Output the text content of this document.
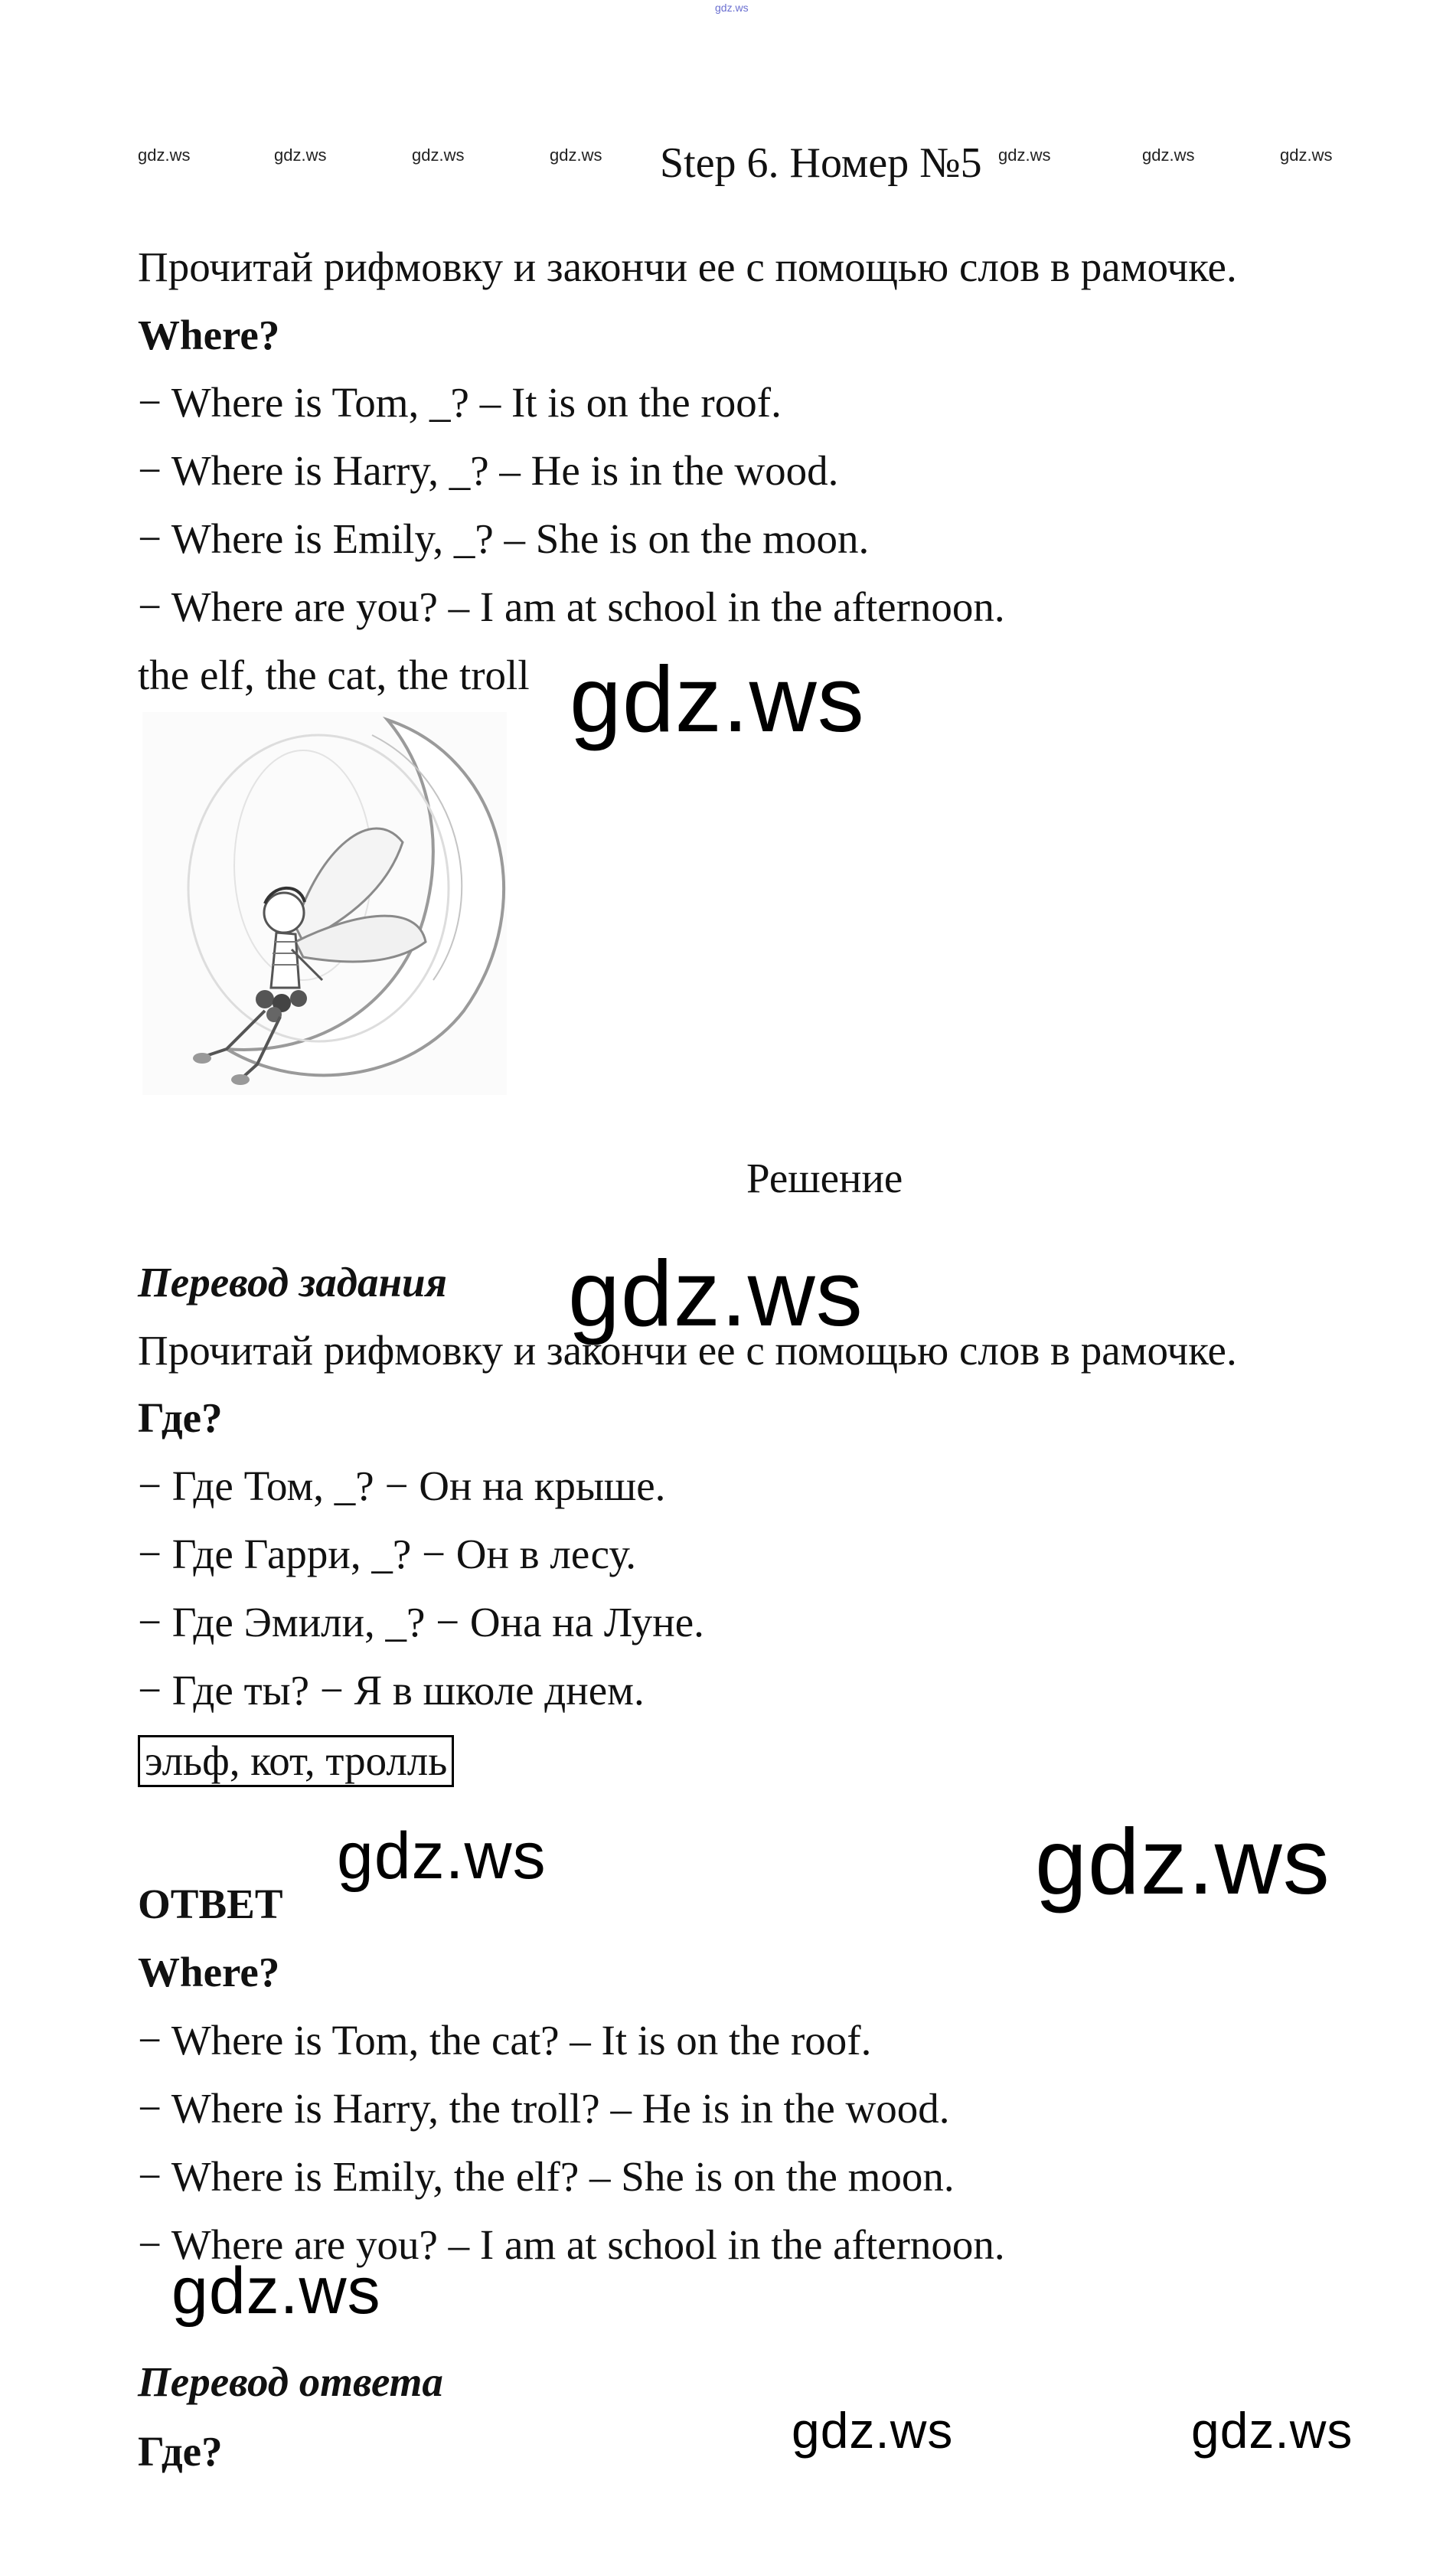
gdz.ws
gdz.ws	gdz.ws	gdz.ws	gdz.ws	gdz.ws	gdz.ws	gdz.ws
Step 6. Номер №5
Прочитай рифмовку и закончи ее с помощью слов в рамочке.
Where?
− Where is Tom, _? – It is on the roof.
− Where is Harry, _? – He is in the wood.
− Where is Emily, _? – She is on the moon.
− Where are you? – I am at school in the afternoon.
the elf, the cat, the troll gdz.ws
Решение
Перевод задания
Прочитай рифмовку и закончи ее с помощью слов в рамочке.
gdz.ws
Где?
− Где Том, _? − Он на крыше.
− Где Гарри, _? − Он в лесу.
− Где Эмили, _? − Она на Луне.
− Где ты? − Я в школе днем.
эльф, кот, тролль
gdz.ws	gdz.ws
ОТВЕТ
Where?
− Where is Tom, the cat? – It is on the roof.
− Where is Harry, the troll? – He is in the wood.
− Where is Emily, the elf? – She is on the moon.
− Where are you? – I am at school in the afternoon.
gdz.ws
Перевод ответа
Где?	gdz.ws	gdz.ws
